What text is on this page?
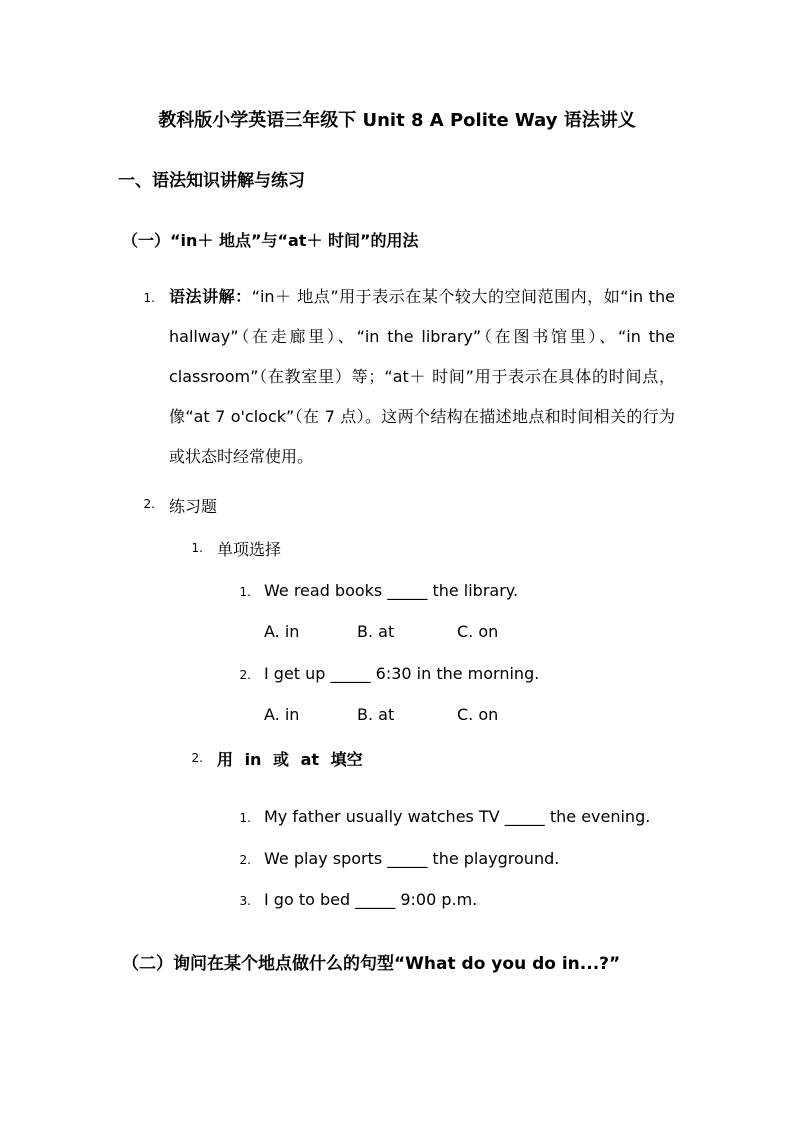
教科版小学英语三年级下 Unit 8 A Polite Way 语法讲义
一、语法知识讲解与练习
（一）“in＋ 地点”与“at＋ 时间”的用法
1. 语法讲解：“in＋ 地点”用于表示在某个较大的空间范围内，如“in the hallway”（在走廊里）、“in the library”（在图书馆里）、“in the classroom”（在教室里）等；“at＋ 时间”用于表示在具体的时间点，像“at 7 o'clock”（在 7 点）。这两个结构在描述地点和时间相关的行为或状态时经常使用。
2. 练习题
1. 单项选择
1. We read books _____ the library.
A. in	B. at	C. on
2. I get up _____ 6:30 in the morning.
A. in	B. at	C. on
2. 用 in 或 at 填空
1. My father usually watches TV _____ the evening.
2. We play sports _____ the playground.
3. I go to bed _____ 9:00 p.m.
（二）询问在某个地点做什么的句型“What do you do in...?”
